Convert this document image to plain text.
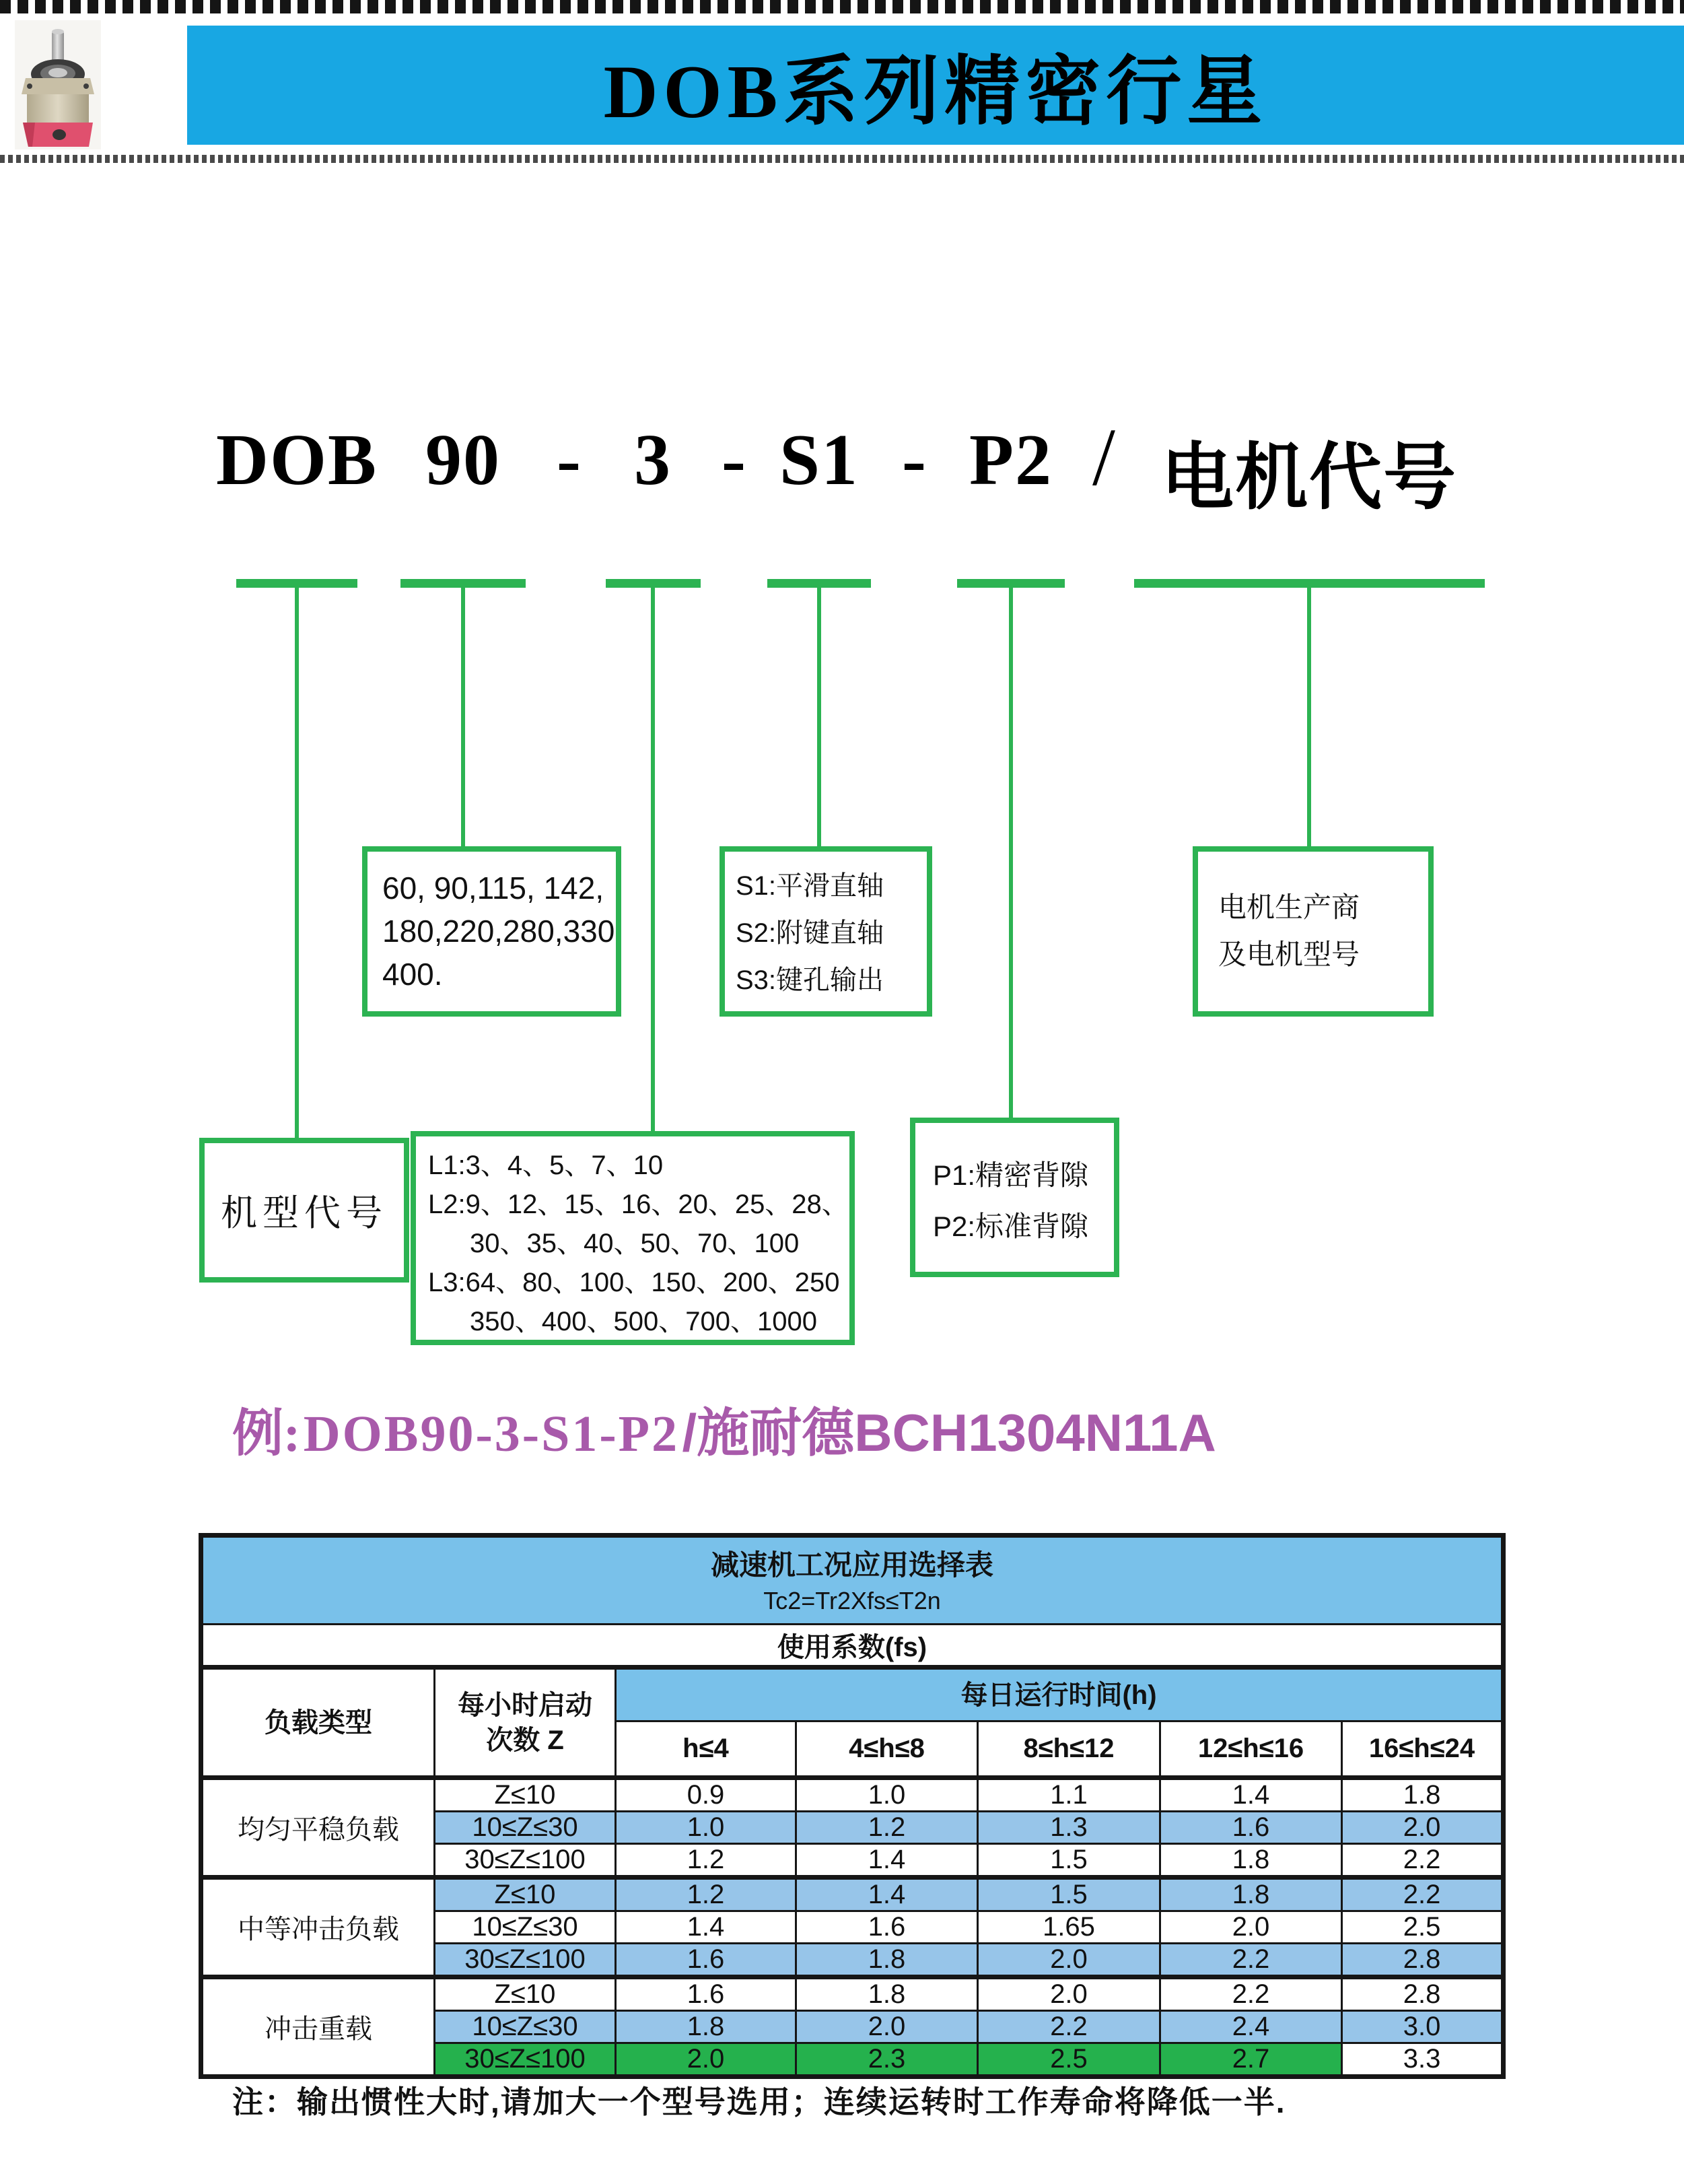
DOB系列精密行星
DOB 90 - 3 - S1 - P2 / 电机代号
60, 90,115, 142,
180,220,280,330
400.
S1:平滑直轴
S2:附键直轴
S3:键孔输出
电机生产商
及电机型号
机型代号
L1:3、4、5、7、10
L2:9、12、15、16、20、25、28、
30、35、40、50、70、100
L3:64、80、100、150、200、250
350、400、500、700、1000
P1:精密背隙
P2:标准背隙
例: DOB90-3-S1-P2 /施耐德BCH1304N11A
减速机工况应用选择表
Tc2=Tr2Xfs≤T2n						

使用系数(fs)						
负载类型	每小时启动
次数 Z	每日运行时间(h)				
		h≤4	4≤h≤8	8≤h≤12	12≤h≤16	16≤h≤24
均匀平稳负载	Z≤10	0.9	1.0	1.1	1.4	1.8
	10≤Z≤30	1.0	1.2	1.3	1.6	2.0
	30≤Z≤100	1.2	1.4	1.5	1.8	2.2
中等冲击负载	Z≤10	1.2	1.4	1.5	1.8	2.2
	10≤Z≤30	1.4	1.6	1.65	2.0	2.5
	30≤Z≤100	1.6	1.8	2.0	2.2	2.8
冲击重载	Z≤10	1.6	1.8	2.0	2.2	2.8
	10≤Z≤30	1.8	2.0	2.2	2.4	3.0
	30≤Z≤100	2.0	2.3	2.5	2.7	3.3
注：输出惯性大时,请加大一个型号选用；连续运转时工作寿命将降低一半.
